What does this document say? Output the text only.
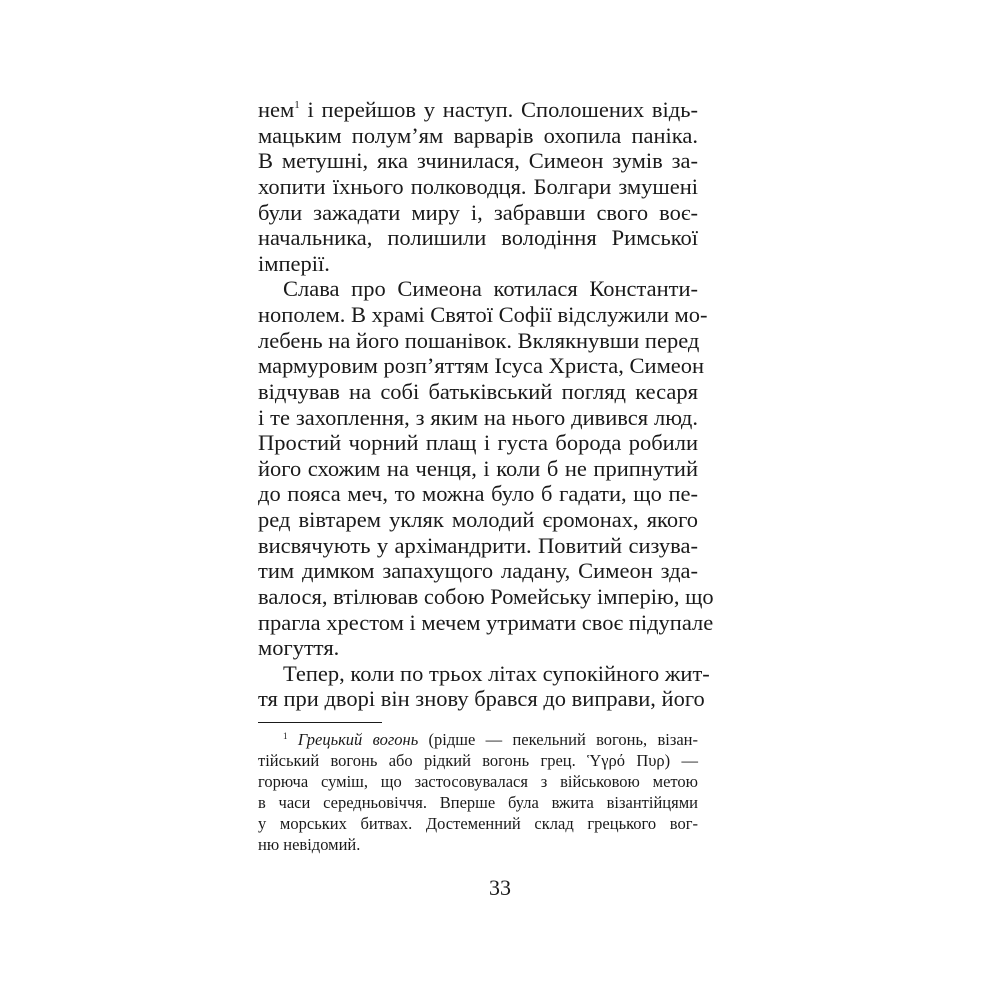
нем$^1$ і перейшов у наступ. Сполошених відь-
мацьким полум’ям варварів охопила паніка.
В метушні, яка зчинилася, Симеон зумів за-
хопити їхнього полководця. Болгари змушені
були зажадати миру і, забравши свого воє-
начальника, полишили володіння Римської
імперії.
Слава про Симеона котилася Константи-
нополем. В храмі Святої Софії відслужили мо-
лебень на його пошанівок. Вклякнувши перед
мармуровим розп’яттям Ісуса Христа, Симеон
відчував на собі батьківський погляд кесаря
і те захоплення, з яким на нього дивився люд.
Простий чорний плащ і густа борода робили
його схожим на ченця, і коли б не припнутий
до пояса меч, то можна було б гадати, що пе-
ред вівтарем укляк молодий єромонах, якого
висвячують у архімандрити. Повитий сизува-
тим димком запахущого ладану, Симеон зда-
валося, втілював собою Ромейську імперію, що
прагла хрестом і мечем утримати своє підупале
могуття.
Тепер, коли по трьох літах супокійного жит-
тя при дворі він знову брався до виправи, його
$^1$ Грецький вогонь (рідше — пекельний вогонь, візан-
тійський вогонь або рідкий вогонь грец. Ὑγρό Πυρ) —
горюча суміш, що застосовувалася з військовою метою
в часи середньовіччя. Вперше була вжита візантійцями
у морських битвах. Достеменний склад грецького вог-
ню невідомий.
33
